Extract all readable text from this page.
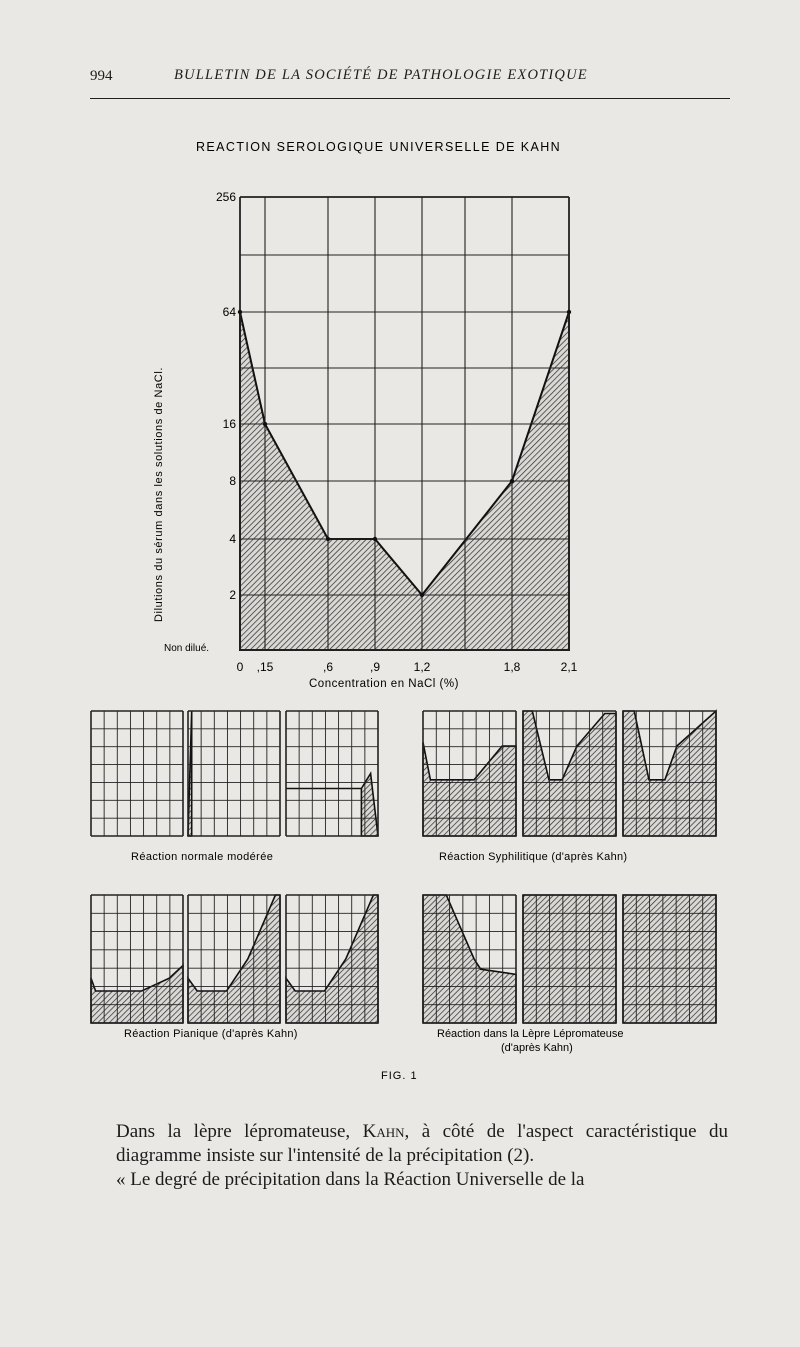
994	BULLETIN DE LA SOCIÉTÉ DE PATHOLOGIE EXOTIQUE
REACTION SEROLOGIQUE UNIVERSELLE DE KAHN
256
64
16
8
4
2
0 ,15	,6	,9	1,2	1,8	2,1
Non dilué.
Dilutions du sérum dans les solutions de NaCl.
Concentration en NaCl (%)
Réaction normale modérée	Réaction Syphilitique (d'après Kahn)
Réaction Pianique (d'après Kahn)	Réaction dans la Lèpre Lépromateuse
(d'après Kahn)
FIG. 1

Dans la lèpre lépromateuse, Kahn, à côté de l'aspect caractéristique du diagramme insiste sur l'intensité de la précipitation (2).

« Le degré de précipitation dans la Réaction Universelle de la
